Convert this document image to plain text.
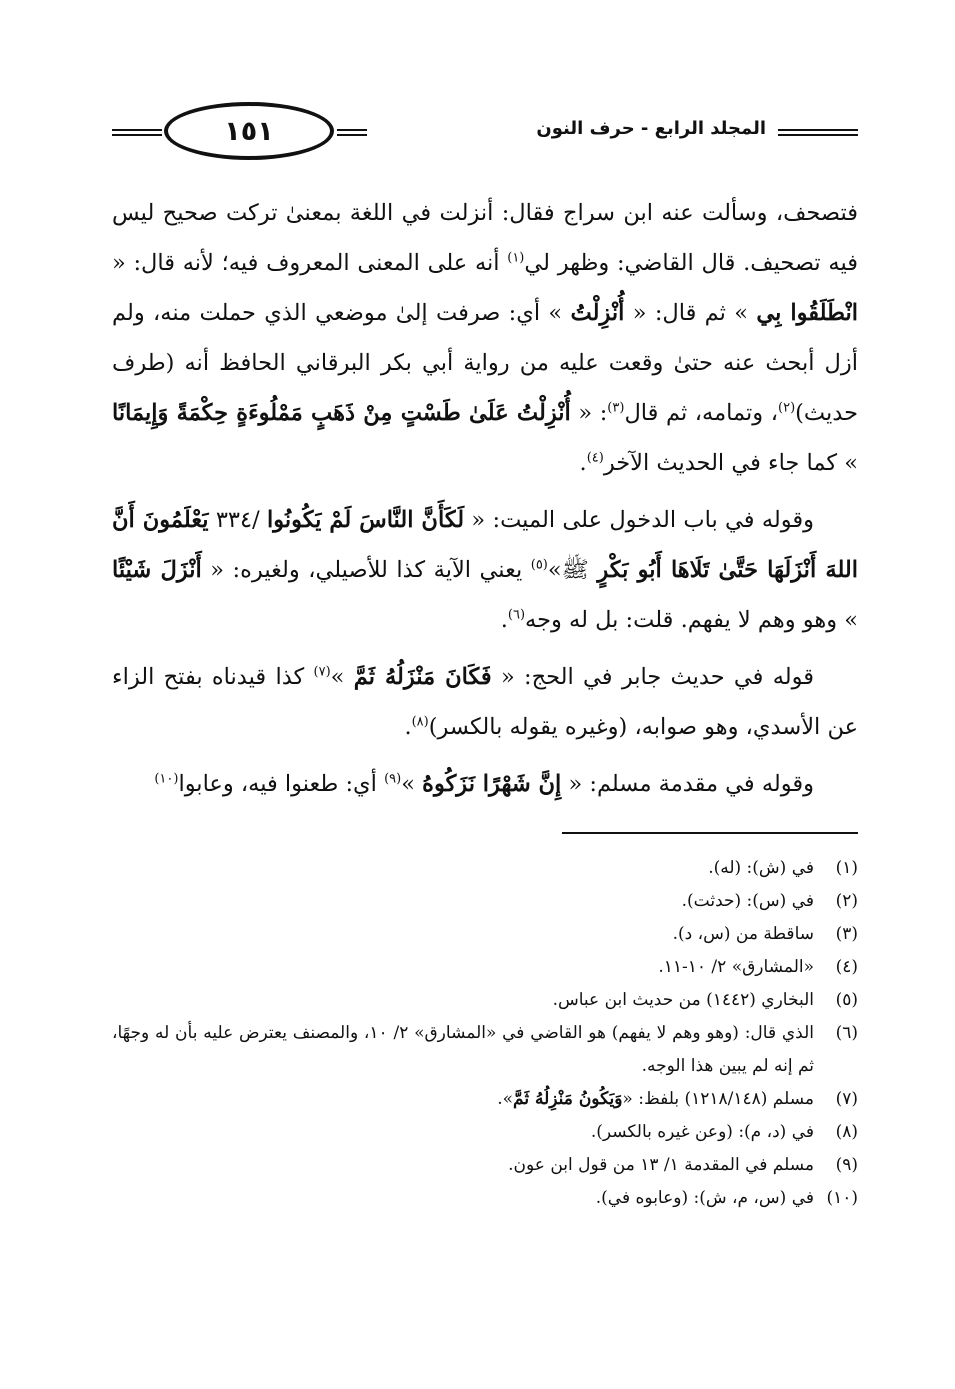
١٥١	المجلد الرابع - حرف النون

فتصحف، وسألت عنه ابن سراج فقال: أنزلت في اللغة بمعنىٰ تركت صحيح ليس فيه تصحيف. قال القاضي: وظهر لي$^{(١)}$ أنه على المعنى المعروف فيه؛ لأنه قال: « انْطَلَقُوا بِي » ثم قال: « أُنْزِلْتُ » أي: صرفت إلىٰ موضعي الذي حملت منه، ولم أزل أبحث عنه حتىٰ وقعت عليه من رواية أبي بكر البرقاني الحافظ أنه (طرف حديث)$^{(٢)}$، وتمامه، ثم قال$^{(٣)}$: « أُنْزِلْتُ عَلَىٰ طَسْتٍ مِنْ ذَهَبٍ مَمْلُوءَةٍ حِكْمَةً وَإِيمَانًا » كما جاء في الحديث الآخر$^{(٤)}$.

وقوله في باب الدخول على الميت: « لَكَأَنَّ النَّاسَ لَمْ يَكُونُوا /٣٣٤ يَعْلَمُونَ أَنَّ اللهَ أَنْزَلَهَا حَتَّىٰ تَلَاهَا أَبُو بَكْرٍ ﷺ»$^{(٥)}$ يعني الآية كذا للأصيلي، ولغيره: « أَنْزَلَ شَيْئًا » وهو وهم لا يفهم. قلت: بل له وجه$^{(٦)}$.

قوله في حديث جابر في الحج: « فَكَانَ مَنْزَلُهُ ثَمَّ »$^{(٧)}$ كذا قيدناه بفتح الزاء عن الأسدي، وهو صوابه، (وغيره يقوله بالكسر)$^{(٨)}$.

وقوله في مقدمة مسلم: « إِنَّ شَهْرًا نَزَكُوهُ »$^{(٩)}$ أي: طعنوا فيه، وعابوا$^{(١٠)}$

(١)
في (ش): (له).
(٢)
في (س): (حدثت).
(٣)
ساقطة من (س، د).
(٤)
«المشارق» ٢/ ١٠-١١.
(٥)
البخاري (١٤٤٢) من حديث ابن عباس.
(٦)
الذي قال: (وهو وهم لا يفهم) هو القاضي في «المشارق» ٢/ ١٠، والمصنف يعترض عليه بأن له وجهًا، ثم إنه لم يبين هذا الوجه.
(٧)
مسلم (١٢١٨/١٤٨) بلفظ: «وَيَكُونُ مَنْزِلُهُ ثَمَّ».
(٨)
في (د، م): (وعن غيره بالكسر).
(٩)
مسلم في المقدمة ١/ ١٣ من قول ابن عون.
(١٠)
في (س، م، ش): (وعابوه في).
